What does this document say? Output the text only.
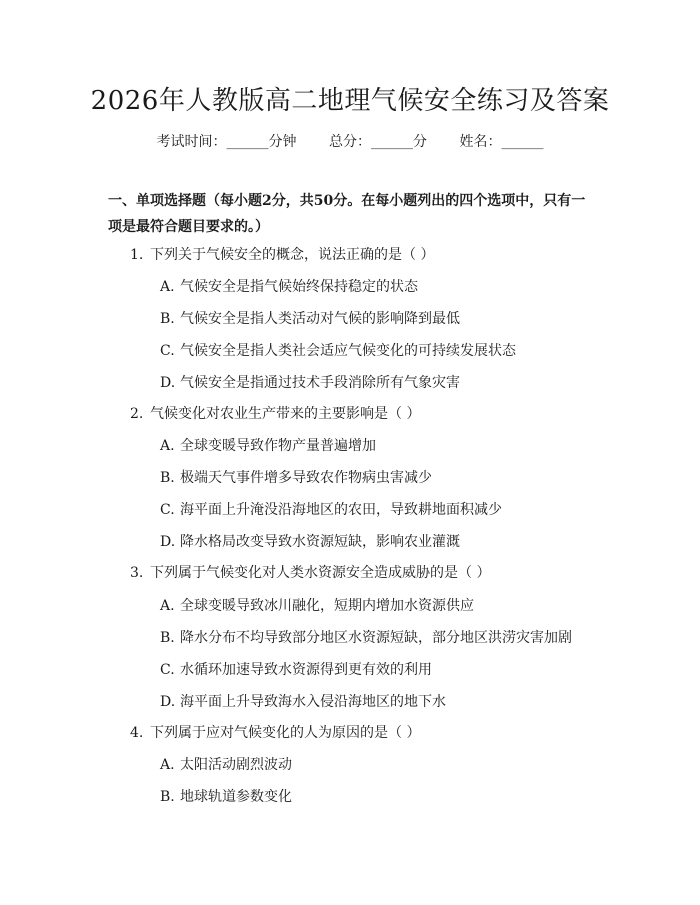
2026年人教版高二地理气候安全练习及答案
考试时间：______分钟 总分：______分 姓名：______
一、单项选择题（每小题2分，共50分。在每小题列出的四个选项中，只有一项是最符合题目要求的。）
1. 下列关于气候安全的概念，说法正确的是（ ）
A. 气候安全是指气候始终保持稳定的状态
B. 气候安全是指人类活动对气候的影响降到最低
C. 气候安全是指人类社会适应气候变化的可持续发展状态
D. 气候安全是指通过技术手段消除所有气象灾害
2. 气候变化对农业生产带来的主要影响是（ ）
A. 全球变暖导致作物产量普遍增加
B. 极端天气事件增多导致农作物病虫害减少
C. 海平面上升淹没沿海地区的农田，导致耕地面积减少
D. 降水格局改变导致水资源短缺，影响农业灌溉
3. 下列属于气候变化对人类水资源安全造成威胁的是（ ）
A. 全球变暖导致冰川融化，短期内增加水资源供应
B. 降水分布不均导致部分地区水资源短缺，部分地区洪涝灾害加剧
C. 水循环加速导致水资源得到更有效的利用
D. 海平面上升导致海水入侵沿海地区的地下水
4. 下列属于应对气候变化的人为原因的是（ ）
A. 太阳活动剧烈波动
B. 地球轨道参数变化
